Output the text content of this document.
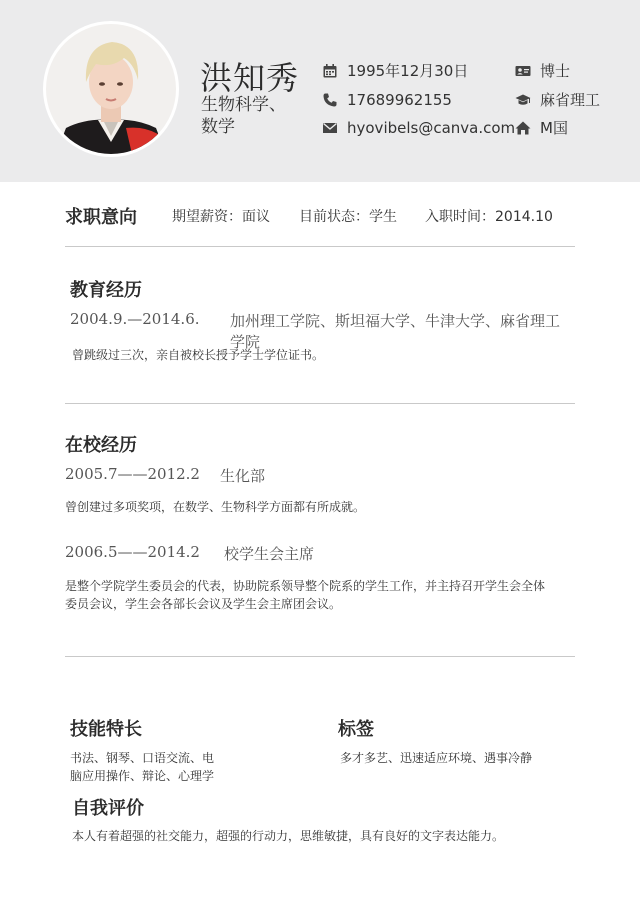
洪知秀
生物科学、数学
1995年12月30日
17689962155
hyovibels@canva.com
博士
麻省理工
M国
求职意向	期望薪资：面议 目前状态：学生 入职时间：2014.10
教育经历
2004.9.—2014.6. 加州理工学院、斯坦福大学、牛津大学、麻省理工
学院
曾跳级过三次，亲自被校长授予学士学位证书。
在校经历
2005.7——2012.2 生化部
曾创建过多项奖项，在数学、生物科学方面都有所成就。
2006.5——2014.2 校学生会主席
是整个学院学生委员会的代表，协助院系领导整个院系的学生工作，并主持召开学生会全体委员会议，学生会各部长会议及学生会主席团会议。
技能特长
书法、钢琴、口语交流、电脑应用操作、辩论、心理学
标签
多才多艺、迅速适应环境、遇事冷静
自我评价
本人有着超强的社交能力，超强的行动力，思维敏捷，具有良好的文字表达能力。
